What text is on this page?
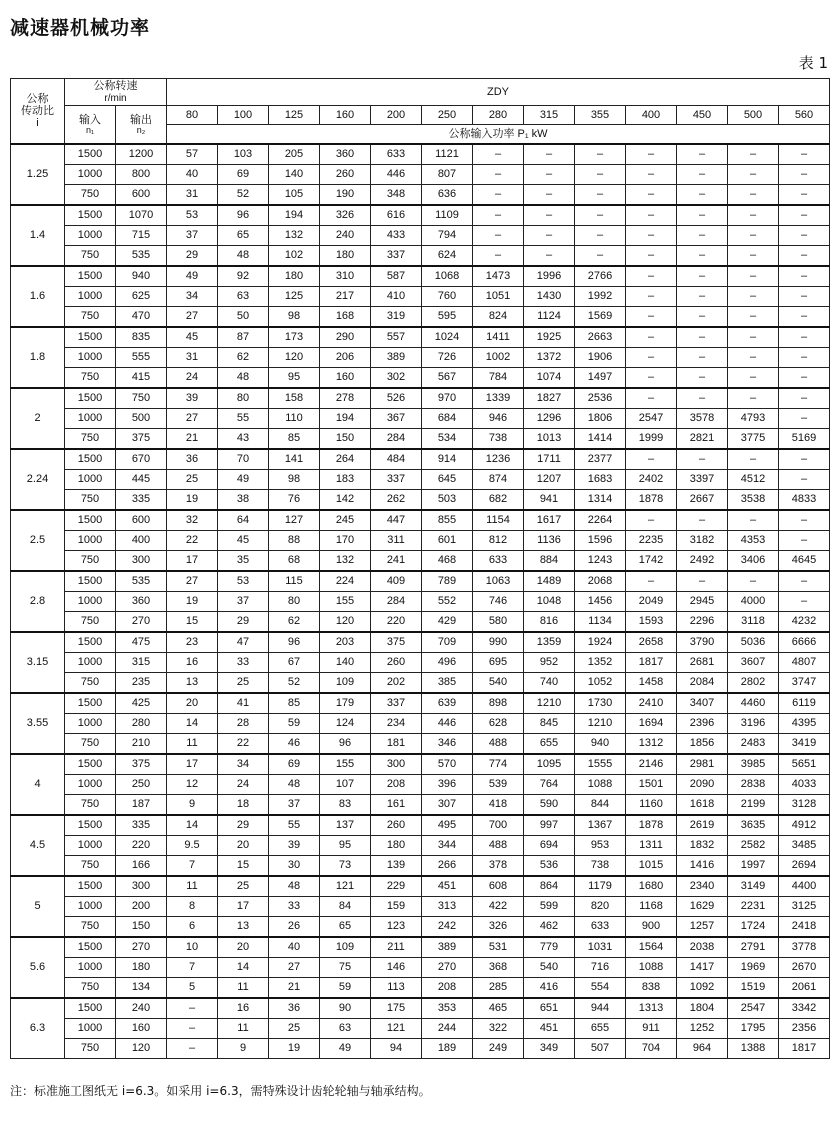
减速器机械功率
表 1
公称
传动比
i	公称转速
r/min		ZDY												

	输入
n₁	输出
n₂	80	100	125	160	200	250	280	315	355	400	450	500	560
			公称输入功率 P₁ kW												
1.25	1500	1200	57	103	205	360	633	1121	–	–	–	–	–	–	–
	1000	800	40	69	140	260	446	807	–	–	–	–	–	–	–
	750	600	31	52	105	190	348	636	–	–	–	–	–	–	–
1.4	1500	1070	53	96	194	326	616	1109	–	–	–	–	–	–	–
	1000	715	37	65	132	240	433	794	–	–	–	–	–	–	–
	750	535	29	48	102	180	337	624	–	–	–	–	–	–	–
1.6	1500	940	49	92	180	310	587	1068	1473	1996	2766	–	–	–	–
	1000	625	34	63	125	217	410	760	1051	1430	1992	–	–	–	–
	750	470	27	50	98	168	319	595	824	1124	1569	–	–	–	–
1.8	1500	835	45	87	173	290	557	1024	1411	1925	2663	–	–	–	–
	1000	555	31	62	120	206	389	726	1002	1372	1906	–	–	–	–
	750	415	24	48	95	160	302	567	784	1074	1497	–	–	–	–
2	1500	750	39	80	158	278	526	970	1339	1827	2536	–	–	–	–
	1000	500	27	55	110	194	367	684	946	1296	1806	2547	3578	4793	–
	750	375	21	43	85	150	284	534	738	1013	1414	1999	2821	3775	5169
2.24	1500	670	36	70	141	264	484	914	1236	1711	2377	–	–	–	–
	1000	445	25	49	98	183	337	645	874	1207	1683	2402	3397	4512	–
	750	335	19	38	76	142	262	503	682	941	1314	1878	2667	3538	4833
2.5	1500	600	32	64	127	245	447	855	1154	1617	2264	–	–	–	–
	1000	400	22	45	88	170	311	601	812	1136	1596	2235	3182	4353	–
	750	300	17	35	68	132	241	468	633	884	1243	1742	2492	3406	4645
2.8	1500	535	27	53	115	224	409	789	1063	1489	2068	–	–	–	–
	1000	360	19	37	80	155	284	552	746	1048	1456	2049	2945	4000	–
	750	270	15	29	62	120	220	429	580	816	1134	1593	2296	3118	4232
3.15	1500	475	23	47	96	203	375	709	990	1359	1924	2658	3790	5036	6666
	1000	315	16	33	67	140	260	496	695	952	1352	1817	2681	3607	4807
	750	235	13	25	52	109	202	385	540	740	1052	1458	2084	2802	3747
3.55	1500	425	20	41	85	179	337	639	898	1210	1730	2410	3407	4460	6119
	1000	280	14	28	59	124	234	446	628	845	1210	1694	2396	3196	4395
	750	210	11	22	46	96	181	346	488	655	940	1312	1856	2483	3419
4	1500	375	17	34	69	155	300	570	774	1095	1555	2146	2981	3985	5651
	1000	250	12	24	48	107	208	396	539	764	1088	1501	2090	2838	4033
	750	187	9	18	37	83	161	307	418	590	844	1160	1618	2199	3128
4.5	1500	335	14	29	55	137	260	495	700	997	1367	1878	2619	3635	4912
	1000	220	9.5	20	39	95	180	344	488	694	953	1311	1832	2582	3485
	750	166	7	15	30	73	139	266	378	536	738	1015	1416	1997	2694
5	1500	300	11	25	48	121	229	451	608	864	1179	1680	2340	3149	4400
	1000	200	8	17	33	84	159	313	422	599	820	1168	1629	2231	3125
	750	150	6	13	26	65	123	242	326	462	633	900	1257	1724	2418
5.6	1500	270	10	20	40	109	211	389	531	779	1031	1564	2038	2791	3778
	1000	180	7	14	27	75	146	270	368	540	716	1088	1417	1969	2670
	750	134	5	11	21	59	113	208	285	416	554	838	1092	1519	2061
6.3	1500	240	–	16	36	90	175	353	465	651	944	1313	1804	2547	3342
	1000	160	–	11	25	63	121	244	322	451	655	911	1252	1795	2356
	750	120	–	9	19	49	94	189	249	349	507	704	964	1388	1817
注：标准施工图纸无 i=6.3。如采用 i=6.3，需特殊设计齿轮轮轴与轴承结构。
